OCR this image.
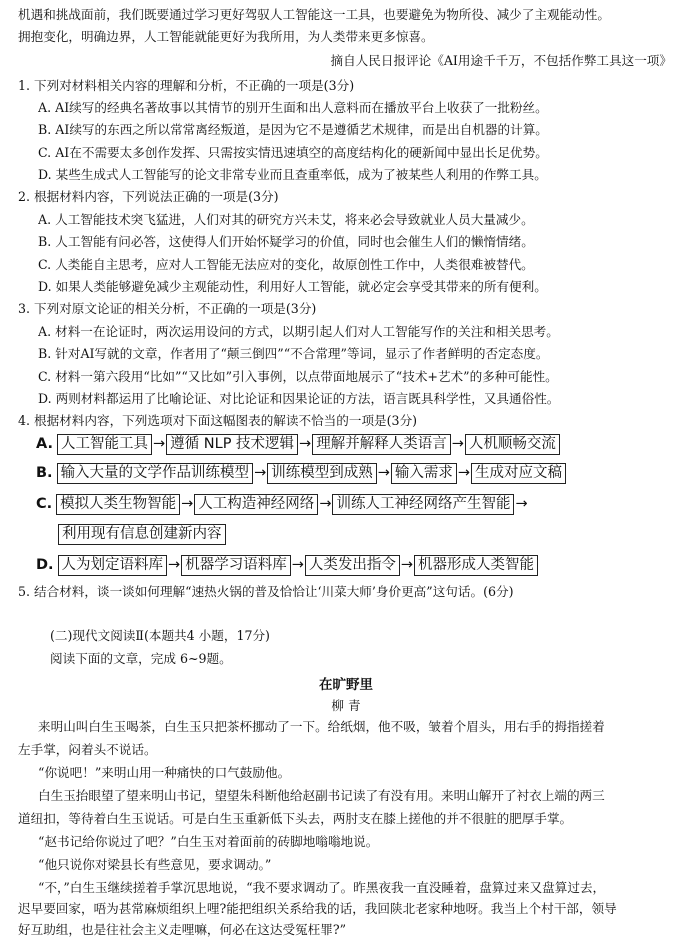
机遇和挑战面前，我们既要通过学习更好驾驭人工智能这一工具，也要避免为物所役、减少了主观能动性。
拥抱变化，明确边界，人工智能就能更好为我所用，为人类带来更多惊喜。
摘自人民日报评论《AI用途千千万，不包括作弊工具这一项》
1. 下列对材料相关内容的理解和分析，不正确的一项是(3分)
A. AI续写的经典名著故事以其情节的别开生面和出人意料而在播放平台上收获了一批粉丝。
B. AI续写的东西之所以常常离经叛道，是因为它不是遵循艺术规律，而是出自机器的计算。
C. AI在不需要太多创作发挥、只需按实情迅速填空的高度结构化的硬新闻中显出长足优势。
D. 某些生成式人工智能写的论文非常专业而且查重率低，成为了被某些人利用的作弊工具。
2. 根据材料内容，下列说法正确的一项是(3分)
A. 人工智能技术突飞猛进，人们对其的研究方兴未艾，将来必会导致就业人员大量减少。
B. 人工智能有问必答，这使得人们开始怀疑学习的价值，同时也会催生人们的懒惰情绪。
C. 人类能自主思考，应对人工智能无法应对的变化，故原创性工作中，人类很难被替代。
D. 如果人类能够避免减少主观能动性，利用好人工智能，就必定会享受其带来的所有便利。
3. 下列对原文论证的相关分析，不正确的一项是(3分)
A. 材料一在论证时，两次运用设问的方式，以期引起人们对人工智能写作的关注和相关思考。
B. 针对AI写就的文章，作者用了“颠三倒四”“不合常理”等词，显示了作者鲜明的否定态度。
C. 材料一第六段用“比如”“又比如”引入事例，以点带面地展示了“技术+艺术”的多种可能性。
D. 两则材料都运用了比喻论证、对比论证和因果论证的方法，语言既具科学性，又具通俗性。
4. 根据材料内容，下列选项对下面这幅图表的解读不恰当的一项是(3分)
A. 人工智能工具 → 遵循 NLP 技术逻辑 → 理解并解释人类语言 → 人机顺畅交流
B. 输入大量的文学作品训练模型 → 训练模型到成熟 → 输入需求 → 生成对应文稿
C. 模拟人类生物智能 → 人工构造神经网络 → 训练人工神经网络产生智能 →
利用现有信息创建新内容
D. 人为划定语料库 → 机器学习语料库 → 人类发出指令 → 机器形成人类智能
5. 结合材料，谈一谈如何理解“速热火锅的普及恰恰让‘川菜大师’身价更高”这句话。(6分)
(二)现代文阅读Ⅱ(本题共4 小题，17分)
阅读下面的文章，完成 6~9题。
在旷野里
柳 青
来明山叫白生玉喝茶，白生玉只把茶杯挪动了一下。给纸烟，他不吸，皱着个眉头，用右手的拇指搓着
左手掌，闷着头不说话。
“你说吧！”来明山用一种痛快的口气鼓励他。
白生玉抬眼望了望来明山书记，望望朱科断他给赵副书记读了有没有用。来明山解开了衬衣上端的两三
道纽扣，等待着白生玉说话。可是白生玉重新低下头去，两肘支在膝上搓他的并不很脏的肥厚手掌。
“赵书记给你说过了吧？”白生玉对着面前的砖脚地嗡嗡地说。
“他只说你对梁县长有些意见，要求调动。”
“不，”白生玉继续搓着手掌沉思地说，“我不要求调动了。昨黑夜我一直没睡着，盘算过来又盘算过去，
迟早要回家，唔为甚常麻烦组织上哩?能把组织关系给我的话，我回陕北老家种地呀。我当上个村干部，领导
好互助组，也是往社会主义走哩嘛，何必在这达受冤枉罪?”
